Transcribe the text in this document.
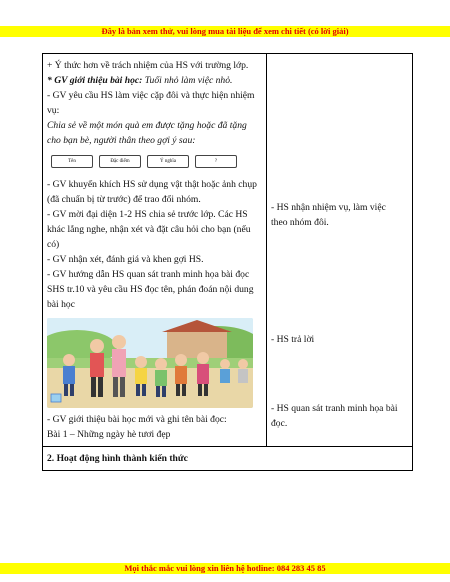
Đây là bản xem thử, vui lòng mua tài liệu để xem chi tiết (có lời giải)

+ Ý thức hơn về trách nhiệm của HS với trường lớp.

* GV giới thiệu bài học: Tuổi nhỏ làm việc nhỏ.

- GV yêu cầu HS làm việc cặp đôi và thực hiện nhiệm vụ:

Chia sẻ về một món quà em được tặng hoặc đã tặng cho bạn bè, người thân theo gợi ý sau:

Tên	Đặc điểm	Ý nghĩa	?

- GV khuyến khích HS sử dụng vật thật hoặc ảnh chụp (đã chuẩn bị từ trước) để trao đổi nhóm.

- GV mời đại diện 1-2 HS chia sẻ trước lớp. Các HS khác lắng nghe, nhận xét và đặt câu hỏi cho bạn (nếu có)

- GV nhận xét, đánh giá và khen gợi HS.

- GV hướng dẫn HS quan sát tranh minh họa bài đọc SHS tr.10 và yêu cầu HS đọc tên, phán đoán nội dung bài học

- GV giới thiệu bài học mới và ghi tên bài đọc:

Bài 1 – Những ngày hè tươi đẹp

- HS nhận nhiệm vụ, làm việc theo nhóm đôi.

- HS trả lời

- HS quan sát tranh minh họa bài đọc.

2. Hoạt động hình thành kiến thức
Mọi thắc mắc vui lòng xin liên hệ hotline: 084 283 45 85
